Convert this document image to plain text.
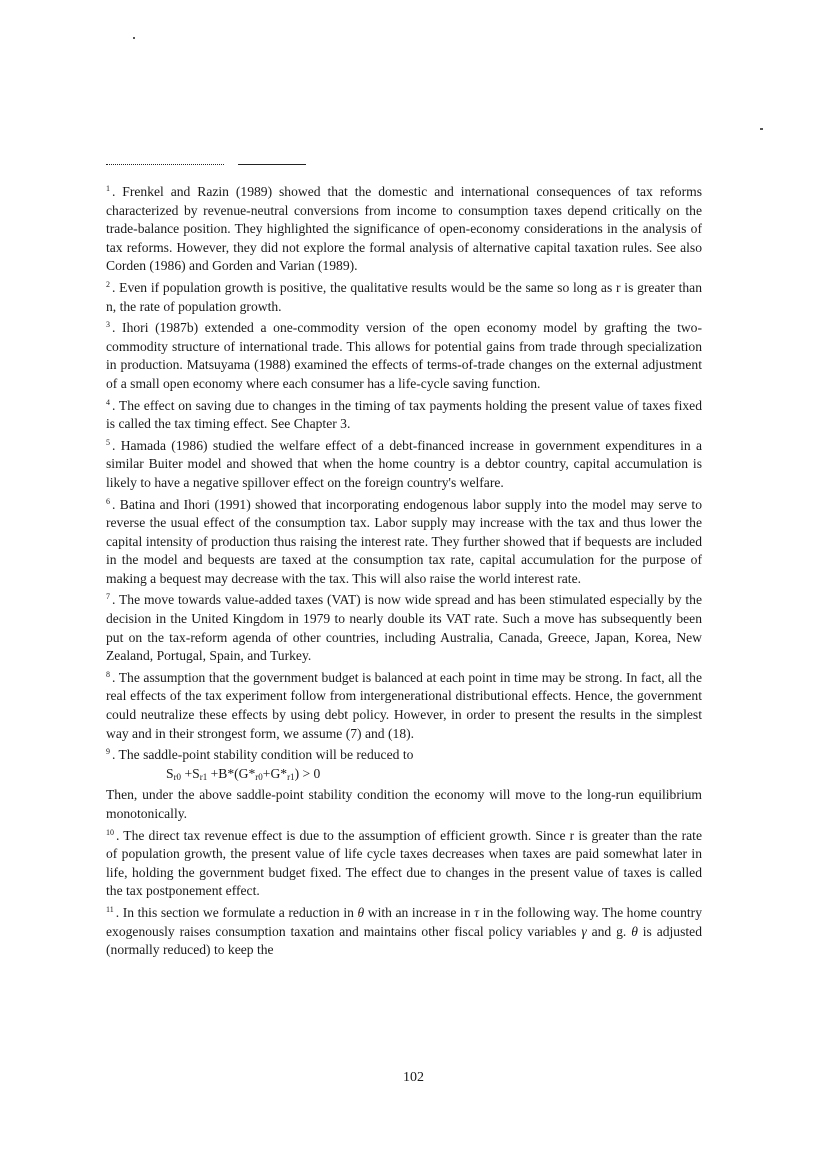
$^1$ . Frenkel and Razin (1989) showed that the domestic and international consequences of tax reforms characterized by revenue-neutral conversions from income to consumption taxes depend critically on the trade-balance position. They highlighted the significance of open-economy considerations in the analysis of tax reforms. However, they did not explore the formal analysis of alternative capital taxation rules. See also Corden (1986) and Gorden and Varian (1989).

$^2$ . Even if population growth is positive, the qualitative results would be the same so long as r is greater than n, the rate of population growth.

$^3$ . Ihori (1987b) extended a one-commodity version of the open economy model by grafting the two-commodity structure of international trade. This allows for potential gains from trade through specialization in production. Matsuyama (1988) examined the effects of terms-of-trade changes on the external adjustment of a small open economy where each consumer has a life-cycle saving function.

$^4$ . The effect on saving due to changes in the timing of tax payments holding the present value of taxes fixed is called the tax timing effect. See Chapter 3.

$^5$ . Hamada (1986) studied the welfare effect of a debt-financed increase in government expenditures in a similar Buiter model and showed that when the home country is a debtor country, capital accumulation is likely to have a negative spillover effect on the foreign country's welfare.

$^6$ . Batina and Ihori (1991) showed that incorporating endogenous labor supply into the model may serve to reverse the usual effect of the consumption tax. Labor supply may increase with the tax and thus lower the capital intensity of production thus raising the interest rate. They further showed that if bequests are included in the model and bequests are taxed at the consumption tax rate, capital accumulation for the purpose of making a bequest may decrease with the tax. This will also raise the world interest rate.

$^7$ . The move towards value-added taxes (VAT) is now wide spread and has been stimulated especially by the decision in the United Kingdom in 1979 to nearly double its VAT rate. Such a move has subsequently been put on the tax-reform agenda of other countries, including Australia, Canada, Greece, Japan, Korea, New Zealand, Portugal, Spain, and Turkey.

$^8$ . The assumption that the government budget is balanced at each point in time may be strong. In fact, all the real effects of the tax experiment follow from intergenerational distributional effects. Hence, the government could neutralize these effects by using debt policy. However, in order to present the results in the simplest way and in their strongest form, we assume (7) and (18).

$^9$ . The saddle-point stability condition will be reduced to

$S_{r0} +S_{r1} +B*(G*_{r0}+G*_{r1}) > 0$

Then, under the above saddle-point stability condition the economy will move to the long-run equilibrium monotonically.

$^{10}$ . The direct tax revenue effect is due to the assumption of efficient growth. Since r is greater than the rate of population growth, the present value of life cycle taxes decreases when taxes are paid somewhat later in life, holding the government budget fixed. The effect due to changes in the present value of taxes is called the tax postponement effect.

$^{11}$ . In this section we formulate a reduction in θ with an increase in τ in the following way. The home country exogenously raises consumption taxation and maintains other fiscal policy variables γ and g. θ is adjusted (normally reduced) to keep the

102
